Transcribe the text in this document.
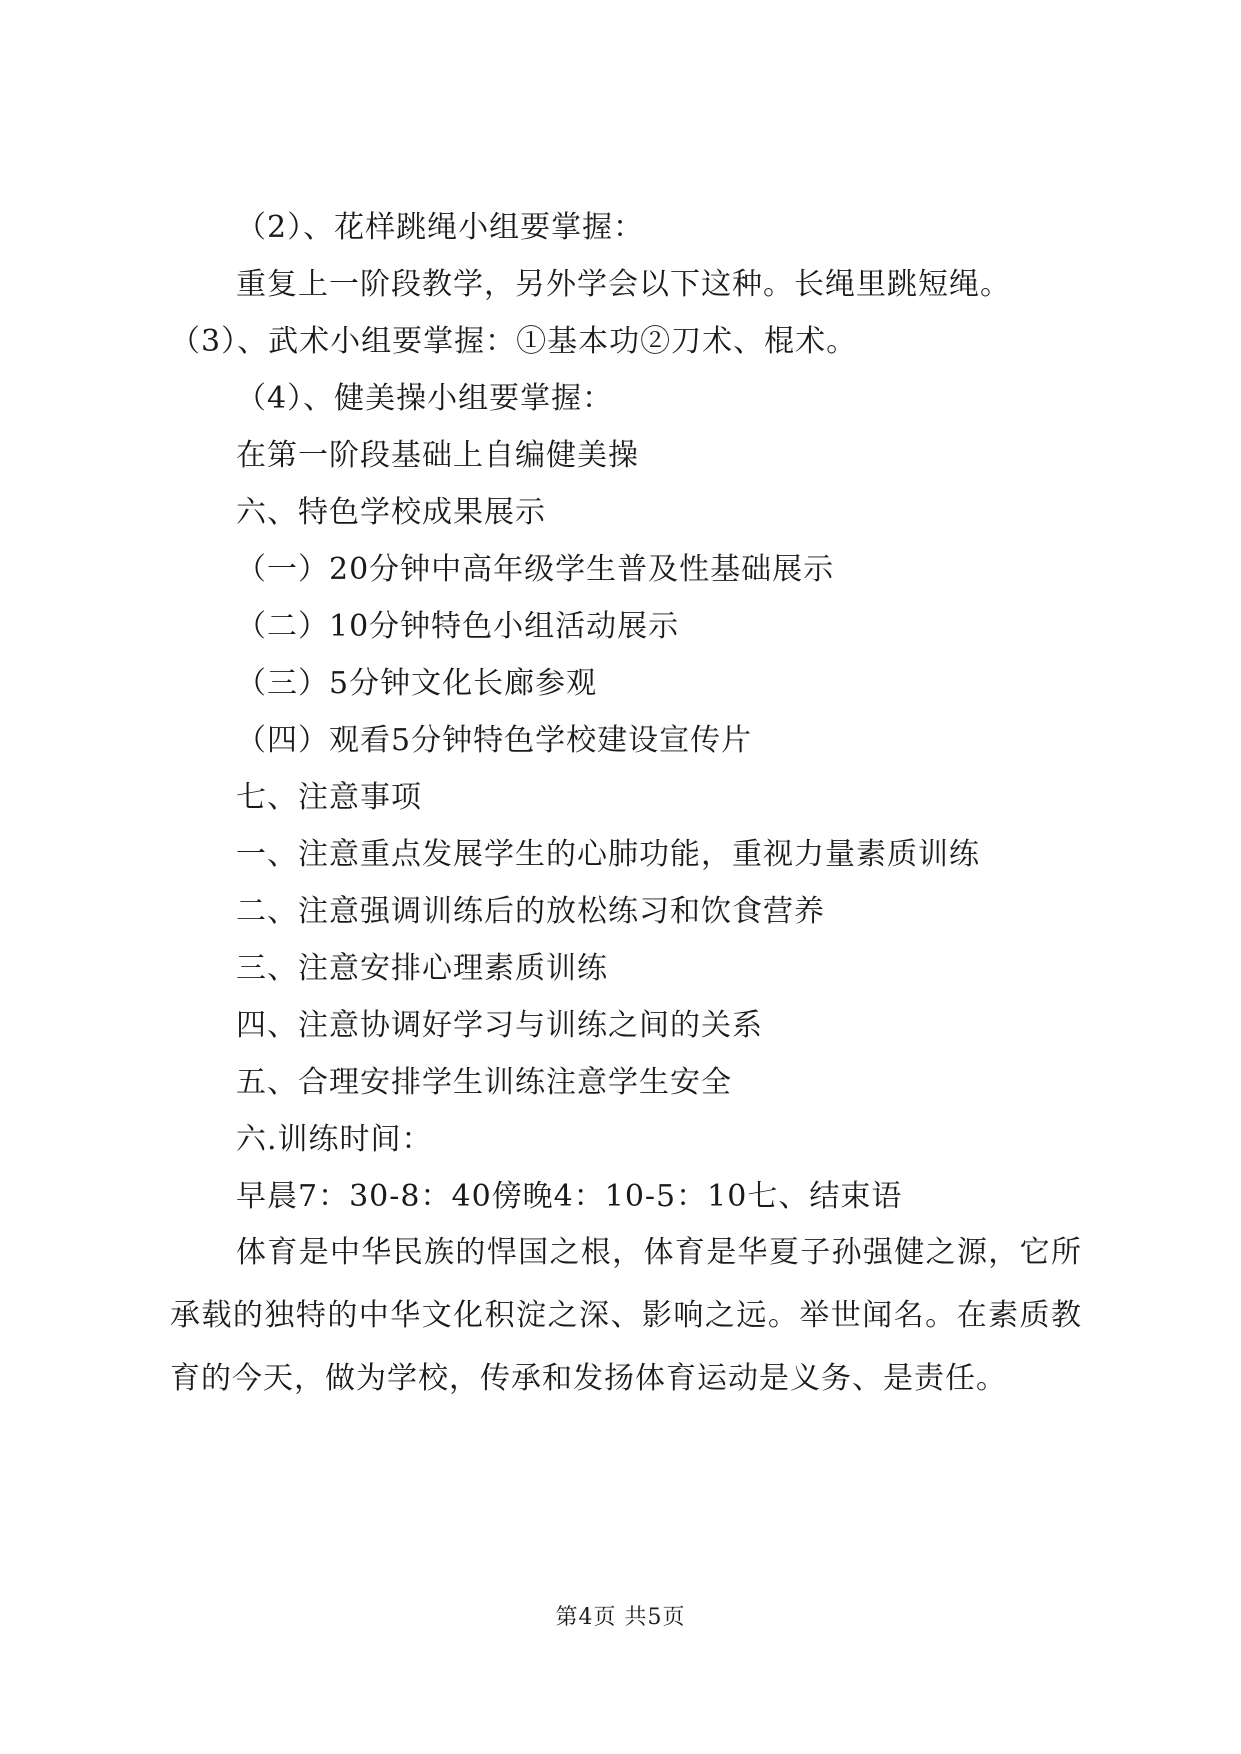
（2）、花样跳绳小组要掌握：
重复上一阶段教学，另外学会以下这种。长绳里跳短绳。
（3）、武术小组要掌握：①基本功②刀术、棍术。
（4）、健美操小组要掌握：
在第一阶段基础上自编健美操
六、特色学校成果展示
（一）20分钟中高年级学生普及性基础展示
（二）10分钟特色小组活动展示
（三）5分钟文化长廊参观
（四）观看5分钟特色学校建设宣传片
七、注意事项
一、注意重点发展学生的心肺功能，重视力量素质训练
二、注意强调训练后的放松练习和饮食营养
三、注意安排心理素质训练
四、注意协调好学习与训练之间的关系
五、合理安排学生训练注意学生安全
六.训练时间：
早晨7：30-8：40傍晚4：10-5：10七、结束语
体育是中华民族的悍国之根，体育是华夏子孙强健之源，它所承载的独特的中华文化积淀之深、影响之远。举世闻名。在素质教育的今天，做为学校，传承和发扬体育运动是义务、是责任。
第4页 共5页
